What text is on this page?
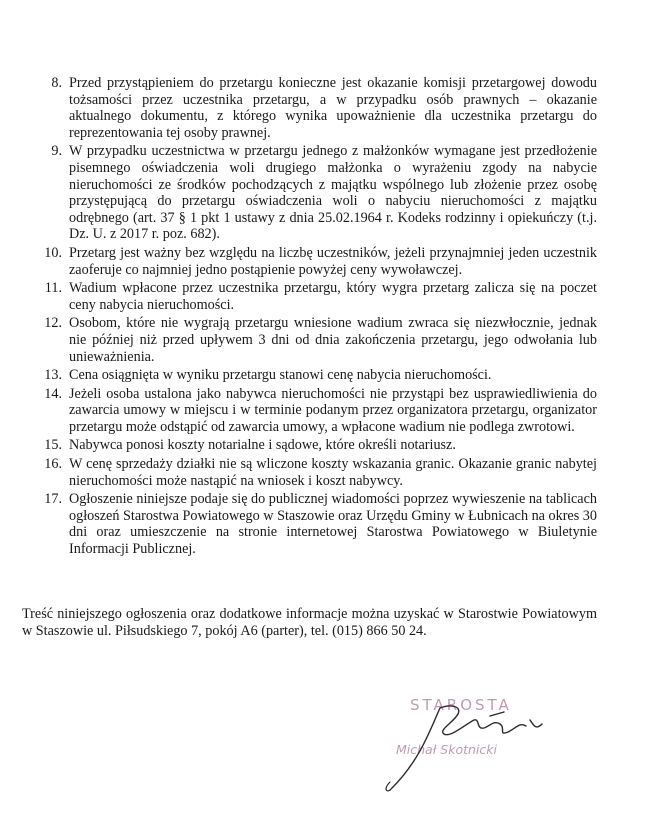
8. Przed przystąpieniem do przetargu konieczne jest okazanie komisji przetargowej dowodu tożsamości przez uczestnika przetargu, a w przypadku osób prawnych – okazanie aktualnego dokumentu, z którego wynika upoważnienie dla uczestnika przetargu do reprezentowania tej osoby prawnej.
9. W przypadku uczestnictwa w przetargu jednego z małżonków wymagane jest przedłożenie pisemnego oświadczenia woli drugiego małżonka o wyrażeniu zgody na nabycie nieruchomości ze środków pochodzących z majątku wspólnego lub złożenie przez osobę przystępującą do przetargu oświadczenia woli o nabyciu nieruchomości z majątku odrębnego (art. 37 § 1 pkt 1 ustawy z dnia 25.02.1964 r. Kodeks rodzinny i opiekuńczy (t.j. Dz. U. z 2017 r. poz. 682).
10. Przetarg jest ważny bez względu na liczbę uczestników, jeżeli przynajmniej jeden uczestnik zaoferuje co najmniej jedno postąpienie powyżej ceny wywoławczej.
11. Wadium wpłacone przez uczestnika przetargu, który wygra przetarg zalicza się na poczet ceny nabycia nieruchomości.
12. Osobom, które nie wygrają przetargu wniesione wadium zwraca się niezwłocznie, jednak nie później niż przed upływem 3 dni od dnia zakończenia przetargu, jego odwołania lub unieważnienia.
13. Cena osiągnięta w wyniku przetargu stanowi cenę nabycia nieruchomości.
14. Jeżeli osoba ustalona jako nabywca nieruchomości nie przystąpi bez usprawiedliwienia do zawarcia umowy w miejscu i w terminie podanym przez organizatora przetargu, organizator przetargu może odstąpić od zawarcia umowy, a wpłacone wadium nie podlega zwrotowi.
15. Nabywca ponosi koszty notarialne i sądowe, które określi notariusz.
16. W cenę sprzedaży działki nie są wliczone koszty wskazania granic. Okazanie granic nabytej nieruchomości może nastąpić na wniosek i koszt nabywcy.
17. Ogłoszenie niniejsze podaje się do publicznej wiadomości poprzez wywieszenie na tablicach ogłoszeń Starostwa Powiatowego w Staszowie oraz Urzędu Gminy w Łubnicach na okres 30 dni oraz umieszczenie na stronie internetowej Starostwa Powiatowego w Biuletynie Informacji Publicznej.

Treść niniejszego ogłoszenia oraz dodatkowe informacje można uzyskać w Starostwie Powiatowym w Staszowie ul. Piłsudskiego 7, pokój A6 (parter), tel. (015) 866 50 24.

STAROSTA
Michał Skotnicki
